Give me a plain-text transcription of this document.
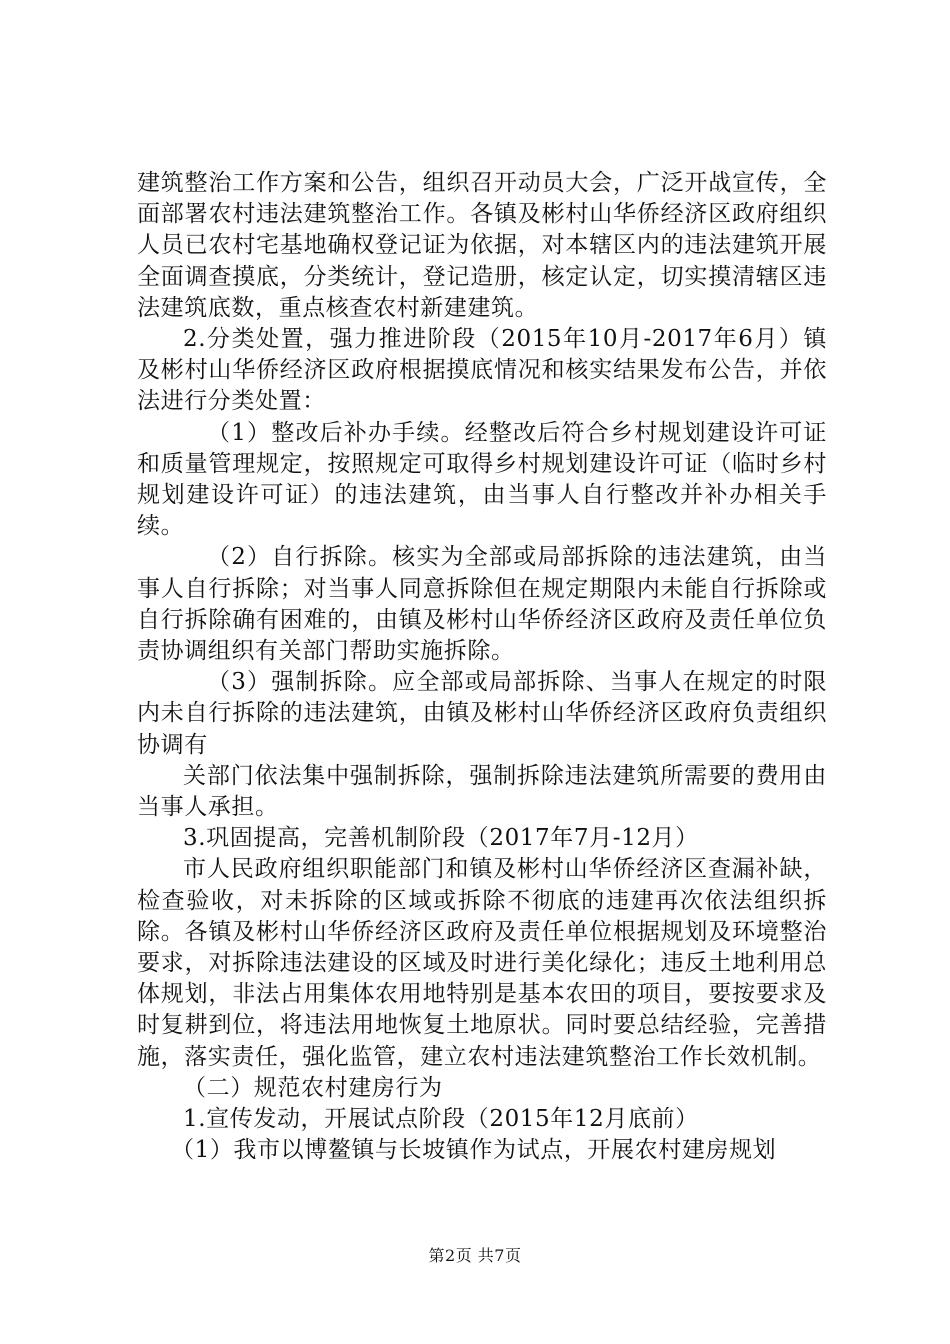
建筑整治工作方案和公告，组织召开动员大会，广泛开战宣传，全面部署农村违法建筑整治工作。各镇及彬村山华侨经济区政府组织人员已农村宅基地确权登记证为依据，对本辖区内的违法建筑开展全面调查摸底，分类统计，登记造册，核定认定，切实摸清辖区违法建筑底数，重点核查农村新建建筑。

2.分类处置，强力推进阶段（2015年10月-2017年6月）镇及彬村山华侨经济区政府根据摸底情况和核实结果发布公告，并依法进行分类处置：

（1）整改后补办手续。经整改后符合乡村规划建设许可证和质量管理规定，按照规定可取得乡村规划建设许可证（临时乡村规划建设许可证）的违法建筑，由当事人自行整改并补办相关手续。

（2）自行拆除。核实为全部或局部拆除的违法建筑，由当事人自行拆除；对当事人同意拆除但在规定期限内未能自行拆除或自行拆除确有困难的，由镇及彬村山华侨经济区政府及责任单位负责协调组织有关部门帮助实施拆除。

（3）强制拆除。应全部或局部拆除、当事人在规定的时限内未自行拆除的违法建筑，由镇及彬村山华侨经济区政府负责组织协调有

关部门依法集中强制拆除，强制拆除违法建筑所需要的费用由当事人承担。

3.巩固提高，完善机制阶段（2017年7月-12月）

市人民政府组织职能部门和镇及彬村山华侨经济区查漏补缺，检查验收，对未拆除的区域或拆除不彻底的违建再次依法组织拆除。各镇及彬村山华侨经济区政府及责任单位根据规划及环境整治要求，对拆除违法建设的区域及时进行美化绿化；违反土地利用总体规划，非法占用集体农用地特别是基本农田的项目，要按要求及时复耕到位，将违法用地恢复土地原状。同时要总结经验，完善措施，落实责任，强化监管，建立农村违法建筑整治工作长效机制。

（二）规范农村建房行为

1.宣传发动，开展试点阶段（2015年12月底前）

（1）我市以博鳌镇与长坡镇作为试点，开展农村建房规划

第2页 共7页
